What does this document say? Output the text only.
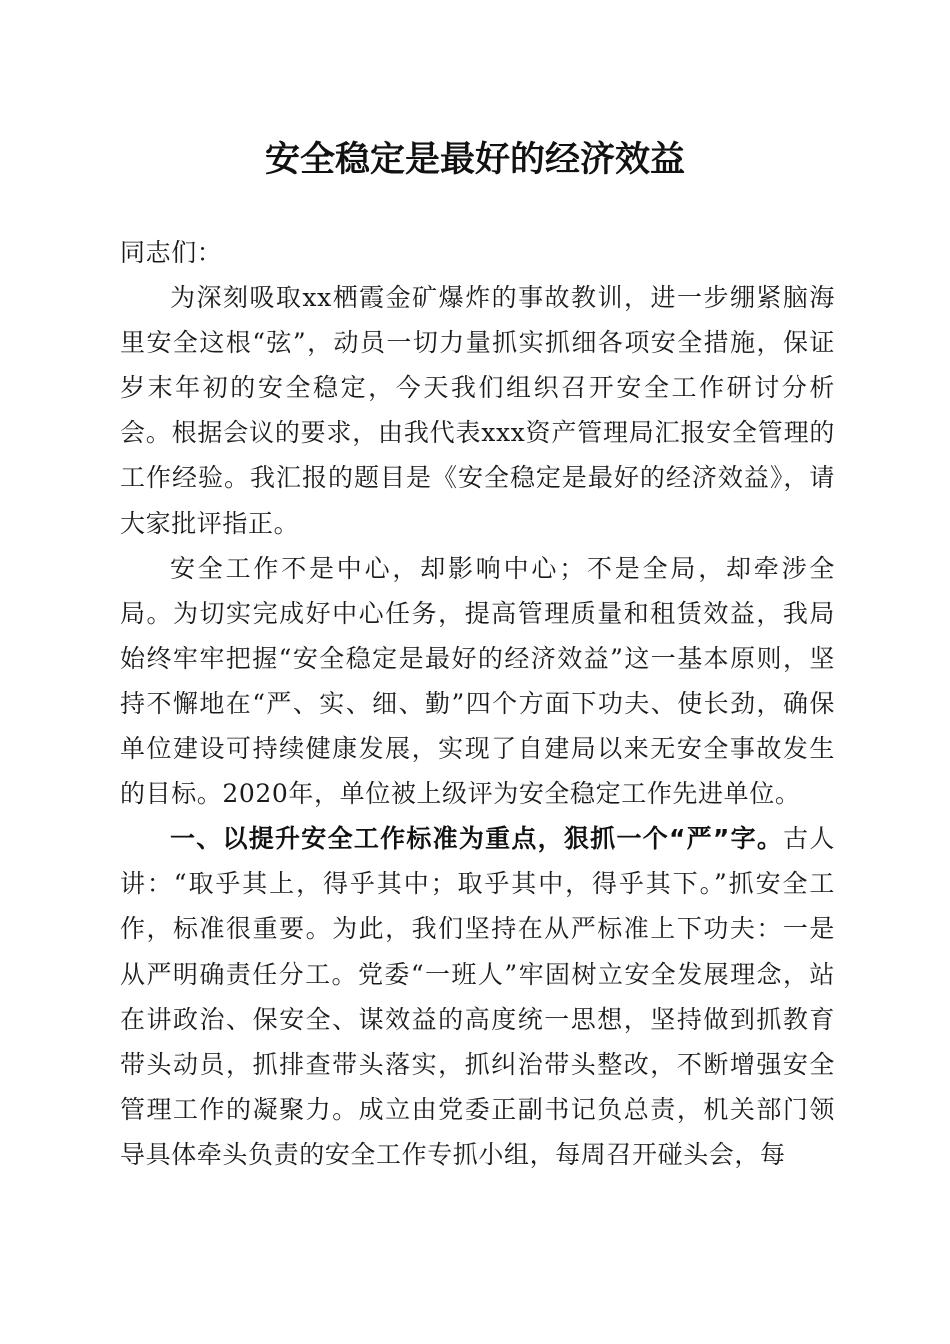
安全稳定是最好的经济效益

同志们：

为深刻吸取xx栖霞金矿爆炸的事故教训，进一步绷紧脑海里安全这根“弦”，动员一切力量抓实抓细各项安全措施，保证岁末年初的安全稳定，今天我们组织召开安全工作研讨分析会。根据会议的要求，由我代表xxx资产管理局汇报安全管理的工作经验。我汇报的题目是《安全稳定是最好的经济效益》，请大家批评指正。

安全工作不是中心，却影响中心；不是全局，却牵涉全局。为切实完成好中心任务，提高管理质量和租赁效益，我局始终牢牢把握“安全稳定是最好的经济效益”这一基本原则，坚持不懈地在“严、实、细、勤”四个方面下功夫、使长劲，确保单位建设可持续健康发展，实现了自建局以来无安全事故发生的目标。2020年，单位被上级评为安全稳定工作先进单位。

一、以提升安全工作标准为重点，狠抓一个“严”字。古人讲：“取乎其上，得乎其中；取乎其中，得乎其下。”抓安全工作，标准很重要。为此，我们坚持在从严标准上下功夫：一是从严明确责任分工。党委“一班人”牢固树立安全发展理念，站在讲政治、保安全、谋效益的高度统一思想，坚持做到抓教育带头动员，抓排查带头落实，抓纠治带头整改，不断增强安全管理工作的凝聚力。成立由党委正副书记负总责，机关部门领导具体牵头负责的安全工作专抓小组，每周召开碰头会，每
